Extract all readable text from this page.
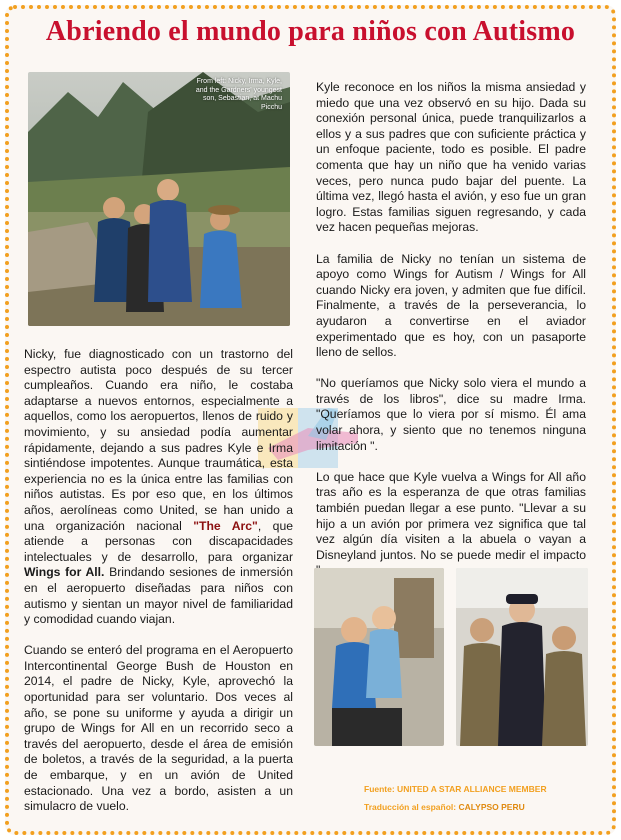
Abriendo el mundo para niños con Autismo
From left: Nicky, Irma, Kyle, and the Gardners' youngest son, Sebastian, at Machu Picchu

Nicky, fue diagnosticado con un trastorno del espectro autista poco después de su tercer cumpleaños. Cuando era niño, le costaba adaptarse a nuevos entornos, especialmente a aquellos, como los aeropuertos, llenos de ruido y movimiento, y su ansiedad podía aumentar rápidamente, dejando a sus padres Kyle e Irma sintiéndose impotentes. Aunque traumática, esta experiencia no es la única entre las familias con niños autistas. Es por eso que, en los últimos años, aerolíneas como United, se han unido a una organización nacional "The Arc", que atiende a personas con discapacidades intelectuales y de desarrollo, para organizar Wings for All. Brindando sesiones de inmersión en el aeropuerto diseñadas para niños con autismo y sientan un mayor nivel de familiaridad y comodidad cuando viajan.

Cuando se enteró del programa en el Aeropuerto Intercontinental George Bush de Houston en 2014, el padre de Nicky, Kyle, aprovechó la oportunidad para ser voluntario. Dos veces al año, se pone su uniforme y ayuda a dirigir un grupo de Wings for All en un recorrido seco a través del aeropuerto, desde el área de emisión de boletos, a través de la seguridad, a la puerta de embarque, y en un avión de United estacionado. Una vez a bordo, asisten a un simulacro de vuelo.

Kyle reconoce en los niños la misma ansiedad y miedo que una vez observó en su hijo. Dada su conexión personal única, puede tranquilizarlos a ellos y a sus padres que con suficiente práctica y un enfoque paciente, todo es posible. El padre comenta que hay un niño que ha venido varias veces, pero nunca pudo bajar del puente. La última vez, llegó hasta el avión, y eso fue un gran logro. Estas familias siguen regresando, y cada vez hacen pequeñas mejoras.

La familia de Nicky no tenían un sistema de apoyo como Wings for Autism / Wings for All cuando Nicky era joven, y admiten que fue difícil. Finalmente, a través de la perseverancia, lo ayudaron a convertirse en el aviador experimentado que es hoy, con un pasaporte lleno de sellos.

"No queríamos que Nicky solo viera el mundo a través de los libros", dice su madre Irma. "Queríamos que lo viera por sí mismo. Él ama volar ahora, y siento que no tenemos ninguna limitación ".

Lo que hace que Kyle vuelva a Wings for All año tras año es la esperanza de que otras familias también puedan llegar a ese punto. "Llevar a su hijo a un avión por primera vez significa que tal vez algún día visiten a la abuela o vayan a Disneyland juntos. No se puede medir el impacto

Fuente: UNITED A STAR ALLIANCE MEMBER
Traducción al español: CALYPSO PERU
